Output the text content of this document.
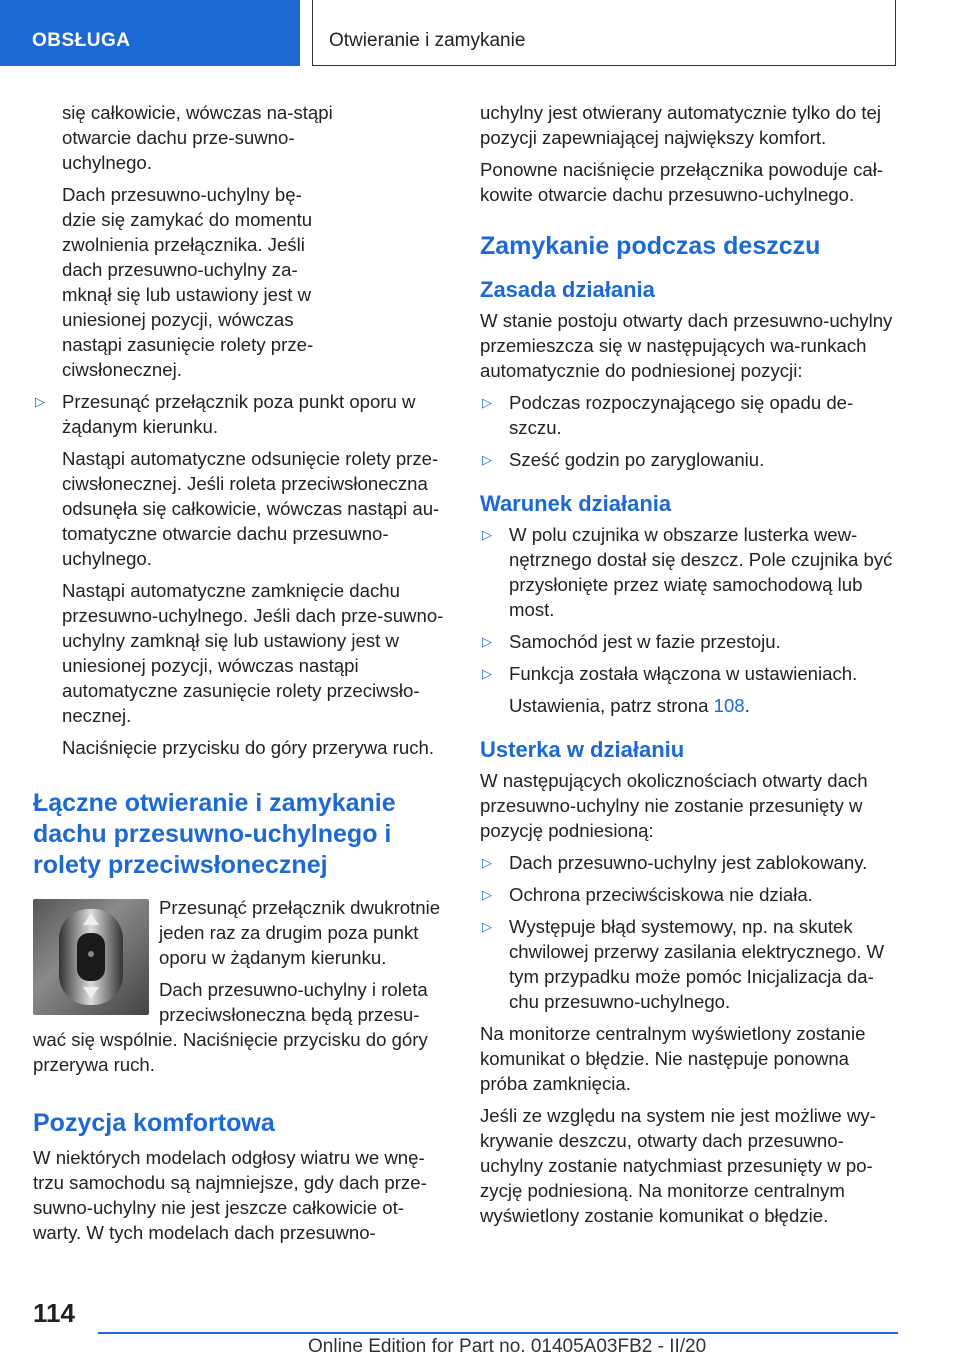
OBSŁUGA	Otwieranie i zamykanie
się całkowicie, wówczas na-stąpi otwarcie dachu prze-suwno-uchylnego.
Dach przesuwno-uchylny bę-dzie się zamykać do momentu zwolnienia przełącznika. Jeśli dach przesuwno-uchylny za-mknął się lub ustawiony jest w uniesionej pozycji, wówczas nastąpi zasunięcie rolety prze-ciwsłonecznej.
▷ Przesunąć przełącznik poza punkt oporu w żądanym kierunku.
Nastąpi automatyczne odsunięcie rolety prze-ciwsłonecznej. Jeśli roleta przeciwsłoneczna odsunęła się całkowicie, wówczas nastąpi au-tomatyczne otwarcie dachu przesuwno-uchylnego.
Nastąpi automatyczne zamknięcie dachu przesuwno-uchylnego. Jeśli dach prze-suwno-uchylny zamknął się lub ustawiony jest w uniesionej pozycji, wówczas nastąpi automatyczne zasunięcie rolety przeciwsło-necznej.
Naciśnięcie przycisku do góry przerywa ruch.
Łączne otwieranie i zamykanie dachu przesuwno-uchylnego i rolety przeciwsłonecznej
Przesunąć przełącznik dwukrotnie jeden raz za drugim poza punkt oporu w żądanym kierunku.
Dach przesuwno-uchylny i roleta przeciwsłoneczna będą przesu-wać się wspólnie. Naciśnięcie przycisku do góry przerywa ruch.
Pozycja komfortowa
W niektórych modelach odgłosy wiatru we wnę-trzu samochodu są najmniejsze, gdy dach prze-suwno-uchylny nie jest jeszcze całkowicie ot-warty. W tych modelach dach przesuwno-
uchylny jest otwierany automatycznie tylko do tej pozycji zapewniającej największy komfort.
Ponowne naciśnięcie przełącznika powoduje cał-kowite otwarcie dachu przesuwno-uchylnego.
Zamykanie podczas deszczu
Zasada działania
W stanie postoju otwarty dach przesuwno-uchylny przemieszcza się w następujących wa-runkach automatycznie do podniesionej pozycji:
▷ Podczas rozpoczynającego się opadu de-szczu.
▷ Sześć godzin po zaryglowaniu.
Warunek działania
▷ W polu czujnika w obszarze lusterka wew-nętrznego dostał się deszcz. Pole czujnika być przysłonięte przez wiatę samochodową lub most.
▷ Samochód jest w fazie przestoju.
▷ Funkcja została włączona w ustawieniach.
Ustawienia, patrz strona 108.
Usterka w działaniu
W następujących okolicznościach otwarty dach przesuwno-uchylny nie zostanie przesunięty w pozycję podniesioną:
▷ Dach przesuwno-uchylny jest zablokowany.
▷ Ochrona przeciwściskowa nie działa.
▷ Występuje błąd systemowy, np. na skutek chwilowej przerwy zasilania elektrycznego. W tym przypadku może pomóc Inicjalizacja da-chu przesuwno-uchylnego.
Na monitorze centralnym wyświetlony zostanie komunikat o błędzie. Nie następuje ponowna próba zamknięcia.
Jeśli ze względu na system nie jest możliwe wy-krywanie deszczu, otwarty dach przesuwno-uchylny zostanie natychmiast przesunięty w po-zycję podniesioną. Na monitorze centralnym wyświetlony zostanie komunikat o błędzie.
114
Online Edition for Part no. 01405A03FB2 - II/20
